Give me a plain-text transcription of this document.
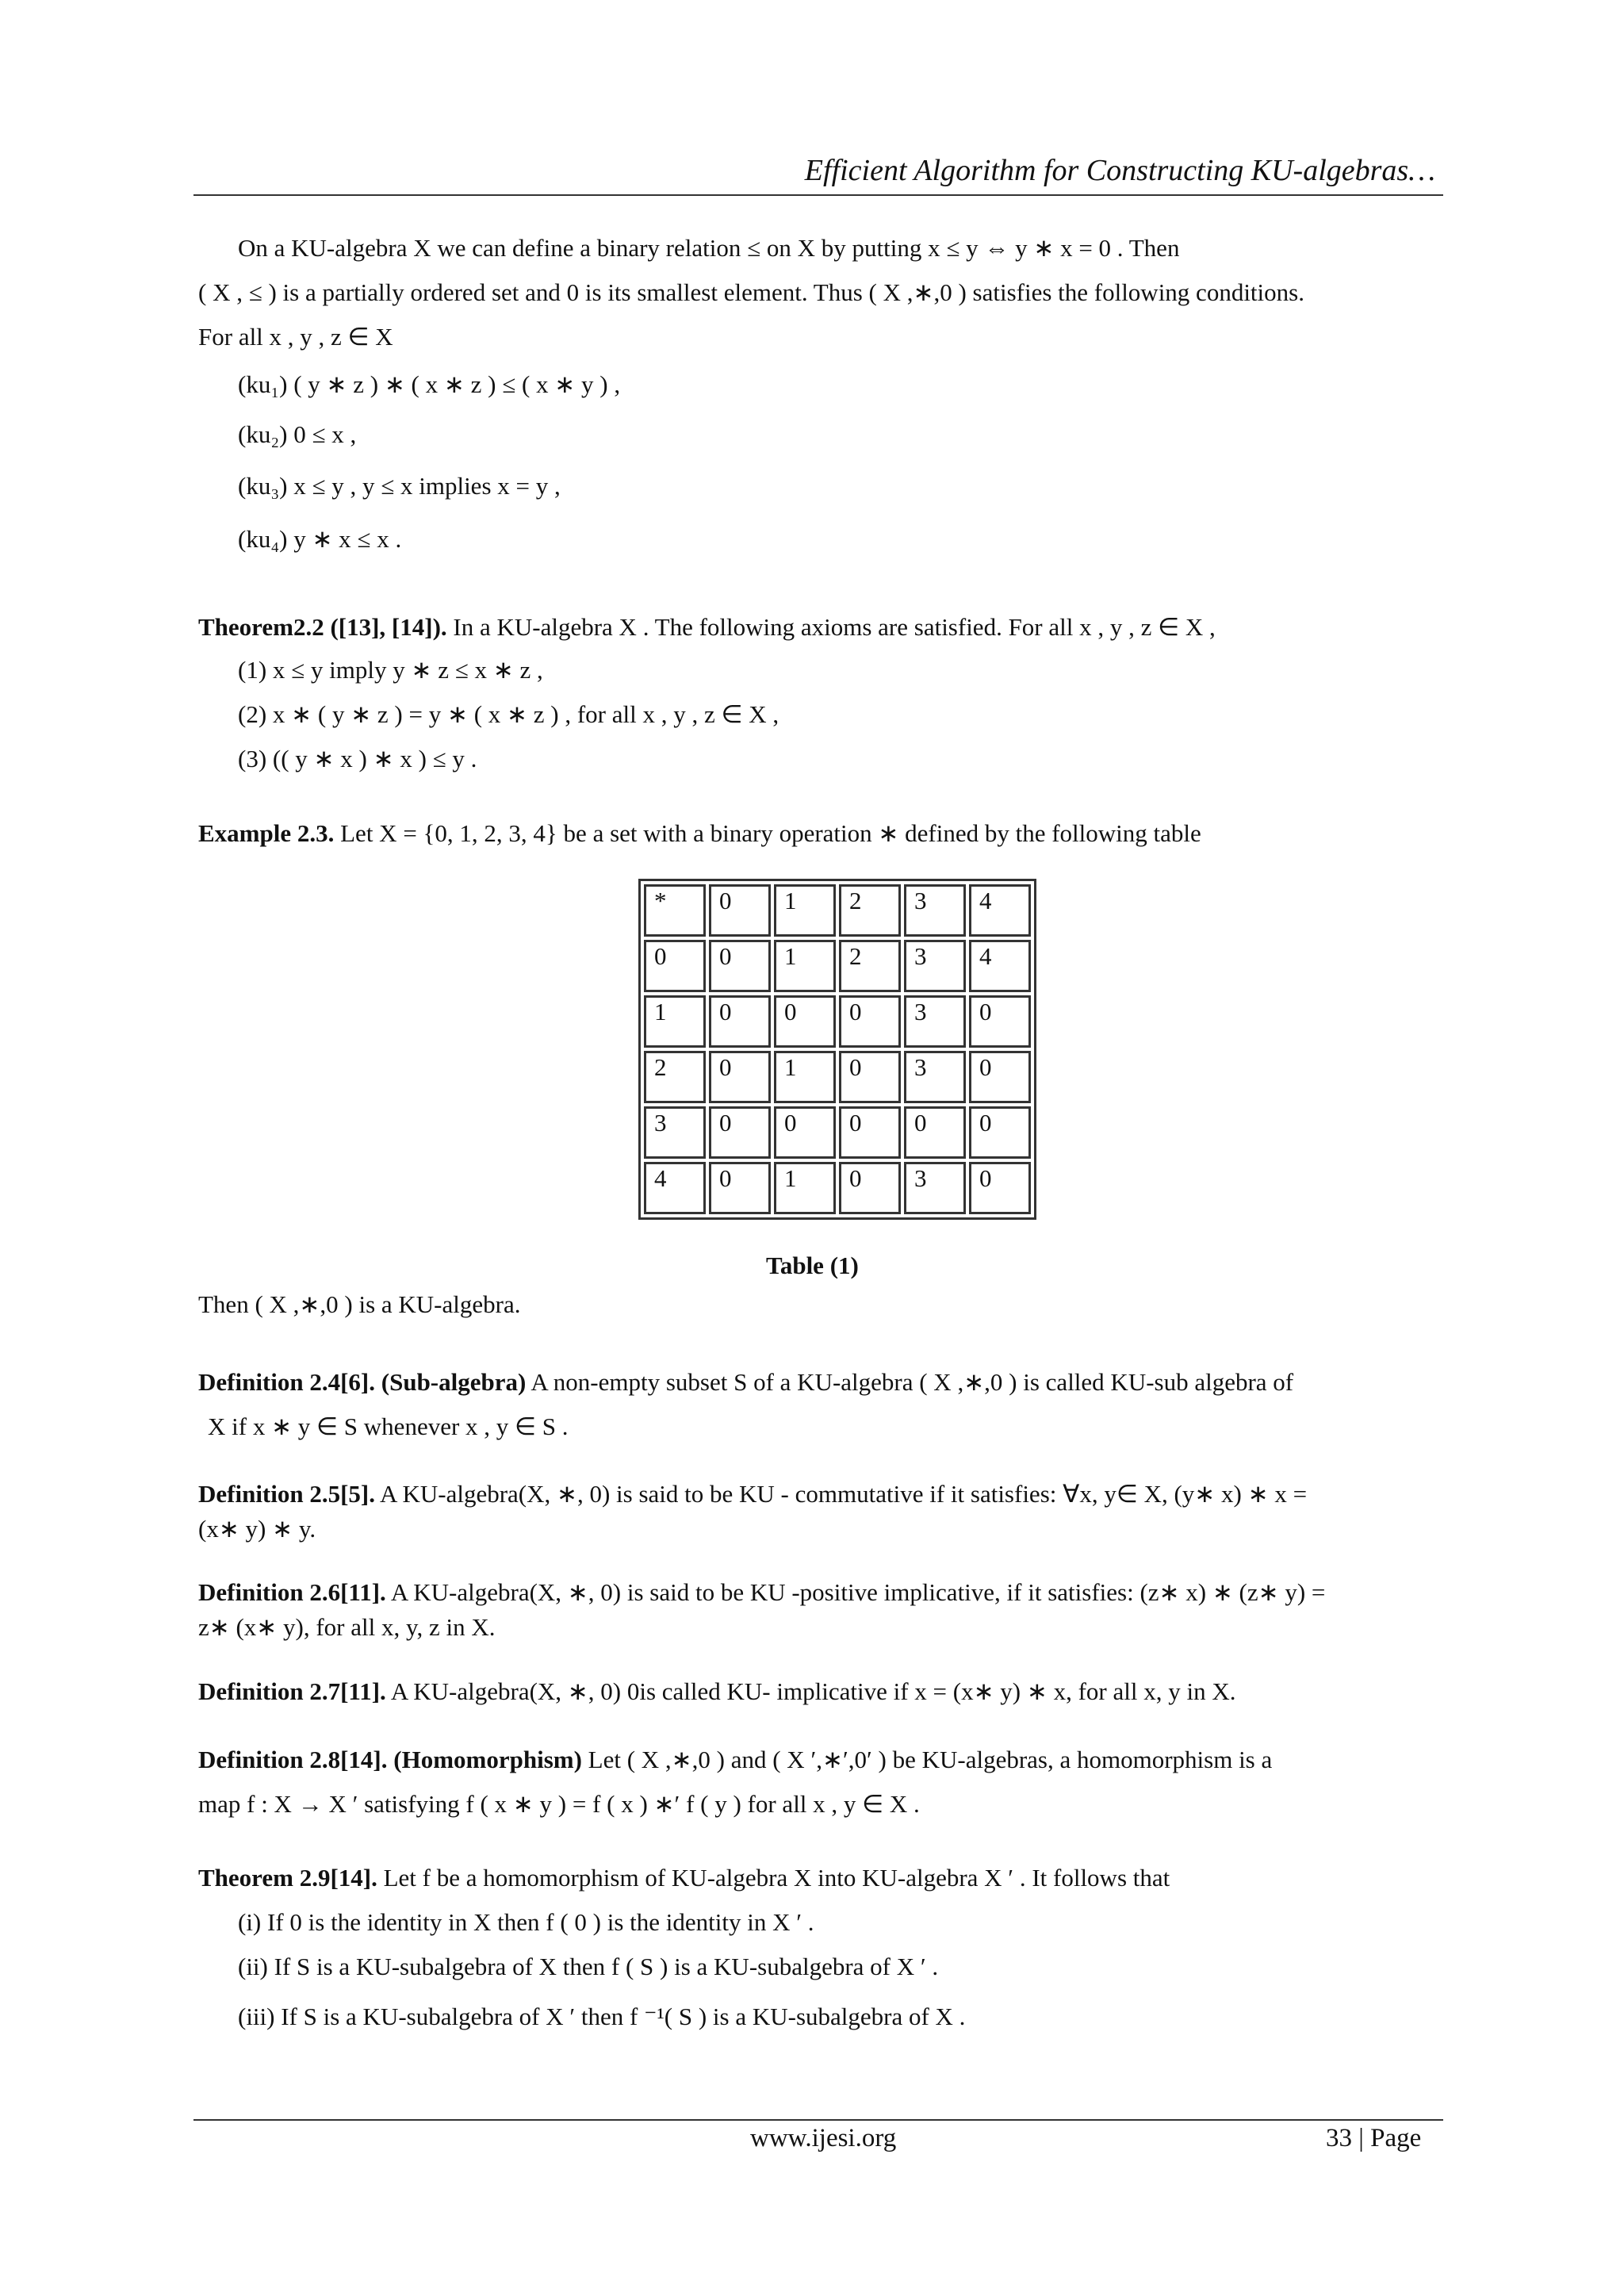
Efficient Algorithm for Constructing KU-algebras…
On a KU-algebra X we can define a binary relation ≤ on X by putting x ≤ y ⇔ y ∗ x = 0 . Then
( X , ≤ ) is a partially ordered set and 0 is its smallest element. Thus ( X ,∗,0 ) satisfies the following conditions.
For all x , y , z ∈ X
(ku₁) ( y ∗ z ) ∗ ( x ∗ z ) ≤ ( x ∗ y ) ,
(ku₂) 0 ≤ x ,
(ku₃) x ≤ y , y ≤ x implies x = y ,
(ku₄) y ∗ x ≤ x .
Theorem2.2 ([13], [14]). In a KU-algebra X . The following axioms are satisfied. For all x , y , z ∈ X ,
(1) x ≤ y imply y ∗ z ≤ x ∗ z ,
(2) x ∗ ( y ∗ z ) = y ∗ ( x ∗ z ) , for all x , y , z ∈ X ,
(3) (( y ∗ x ) ∗ x ) ≤ y .
Example 2.3. Let X = {0, 1, 2, 3, 4} be a set with a binary operation ∗ defined by the following table
*	0	1	2	3	4
0	0	1	2	3	4
1	0	0	0	3	0
2	0	1	0	3	0
3	0	0	0	0	0
4	0	1	0	3	0
Table (1)
Then ( X ,∗,0 ) is a KU-algebra.
Definition 2.4[6]. (Sub-algebra) A non-empty subset S of a KU-algebra ( X ,∗,0 ) is called KU-sub algebra of
X if x ∗ y ∈ S whenever x , y ∈ S .
Definition 2.5[5]. A KU-algebra(X, ∗, 0) is said to be KU - commutative if it satisfies: ∀x, y∈ X, (y∗ x) ∗ x =
(x∗ y) ∗ y.
Definition 2.6[11]. A KU-algebra(X, ∗, 0) is said to be KU -positive implicative, if it satisfies: (z∗ x) ∗ (z∗ y) =
z∗ (x∗ y), for all x, y, z in X.
Definition 2.7[11]. A KU-algebra(X, ∗, 0) 0is called KU- implicative if x = (x∗ y) ∗ x, for all x, y in X.
Definition 2.8[14]. (Homomorphism) Let ( X ,∗,0 ) and ( X ′,∗′,0′ ) be KU-algebras, a homomorphism is a
map f : X → X ′ satisfying f ( x ∗ y ) = f ( x ) ∗′ f ( y ) for all x , y ∈ X .
Theorem 2.9[14]. Let f be a homomorphism of KU-algebra X into KU-algebra X ′ . It follows that
(i) If 0 is the identity in X then f ( 0 ) is the identity in X ′ .
(ii) If S is a KU-subalgebra of X then f ( S ) is a KU-subalgebra of X ′ .
(iii) If S is a KU-subalgebra of X ′ then f ⁻¹( S ) is a KU-subalgebra of X .
www.ijesi.org	33 | Page
